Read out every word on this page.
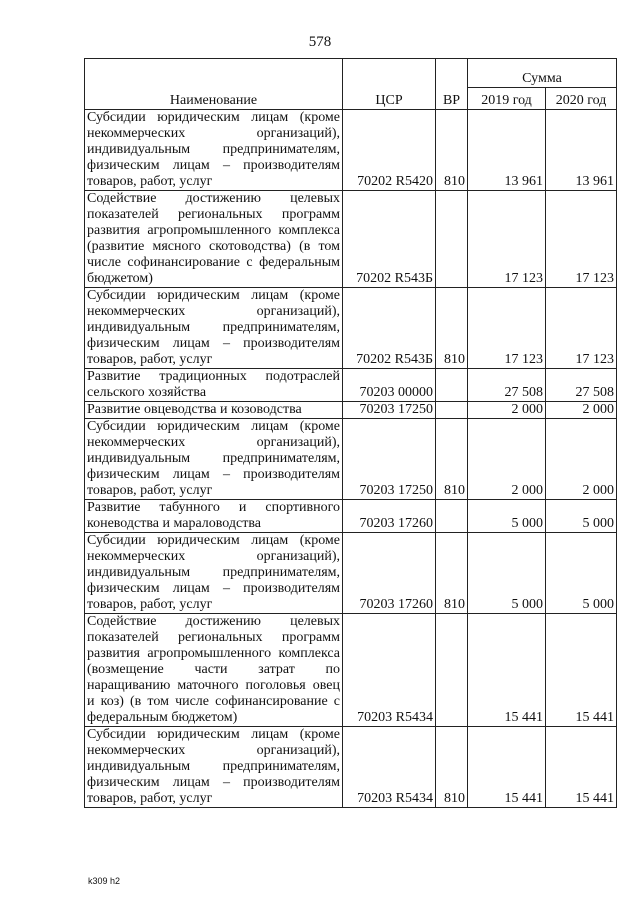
578
Наименование	ЦСР	ВР	Сумма	
			2019 год	2020 год
Субсидии юридическим лицам (кроме некоммерческих организаций), индивидуальным предпринимателям, физическим лицам – производителям товаров, работ, услуг	70202 R5420	810	13 961	13 961
Содействие достижению целевых показателей региональных программ развития агропромышленного комплекса (развитие мясного скотоводства) (в том числе софинансирование с федеральным бюджетом)	70202 R543Б		17 123	17 123
Субсидии юридическим лицам (кроме некоммерческих организаций), индивидуальным предпринимателям, физическим лицам – производителям товаров, работ, услуг	70202 R543Б	810	17 123	17 123
Развитие традиционных подотраслей сельского хозяйства	70203 00000		27 508	27 508
Развитие овцеводства и козоводства	70203 17250		2 000	2 000
Субсидии юридическим лицам (кроме некоммерческих организаций), индивидуальным предпринимателям, физическим лицам – производителям товаров, работ, услуг	70203 17250	810	2 000	2 000
Развитие табунного и спортивного коневодства и мараловодства	70203 17260		5 000	5 000
Субсидии юридическим лицам (кроме некоммерческих организаций), индивидуальным предпринимателям, физическим лицам – производителям товаров, работ, услуг	70203 17260	810	5 000	5 000
Содействие достижению целевых показателей региональных программ развития агропромышленного комплекса (возмещение части затрат по наращиванию маточного поголовья овец и коз) (в том числе софинансирование с федеральным бюджетом)	70203 R5434		15 441	15 441
Субсидии юридическим лицам (кроме некоммерческих организаций), индивидуальным предпринимателям, физическим лицам – производителям товаров, работ, услуг	70203 R5434	810	15 441	15 441
k309 h2
